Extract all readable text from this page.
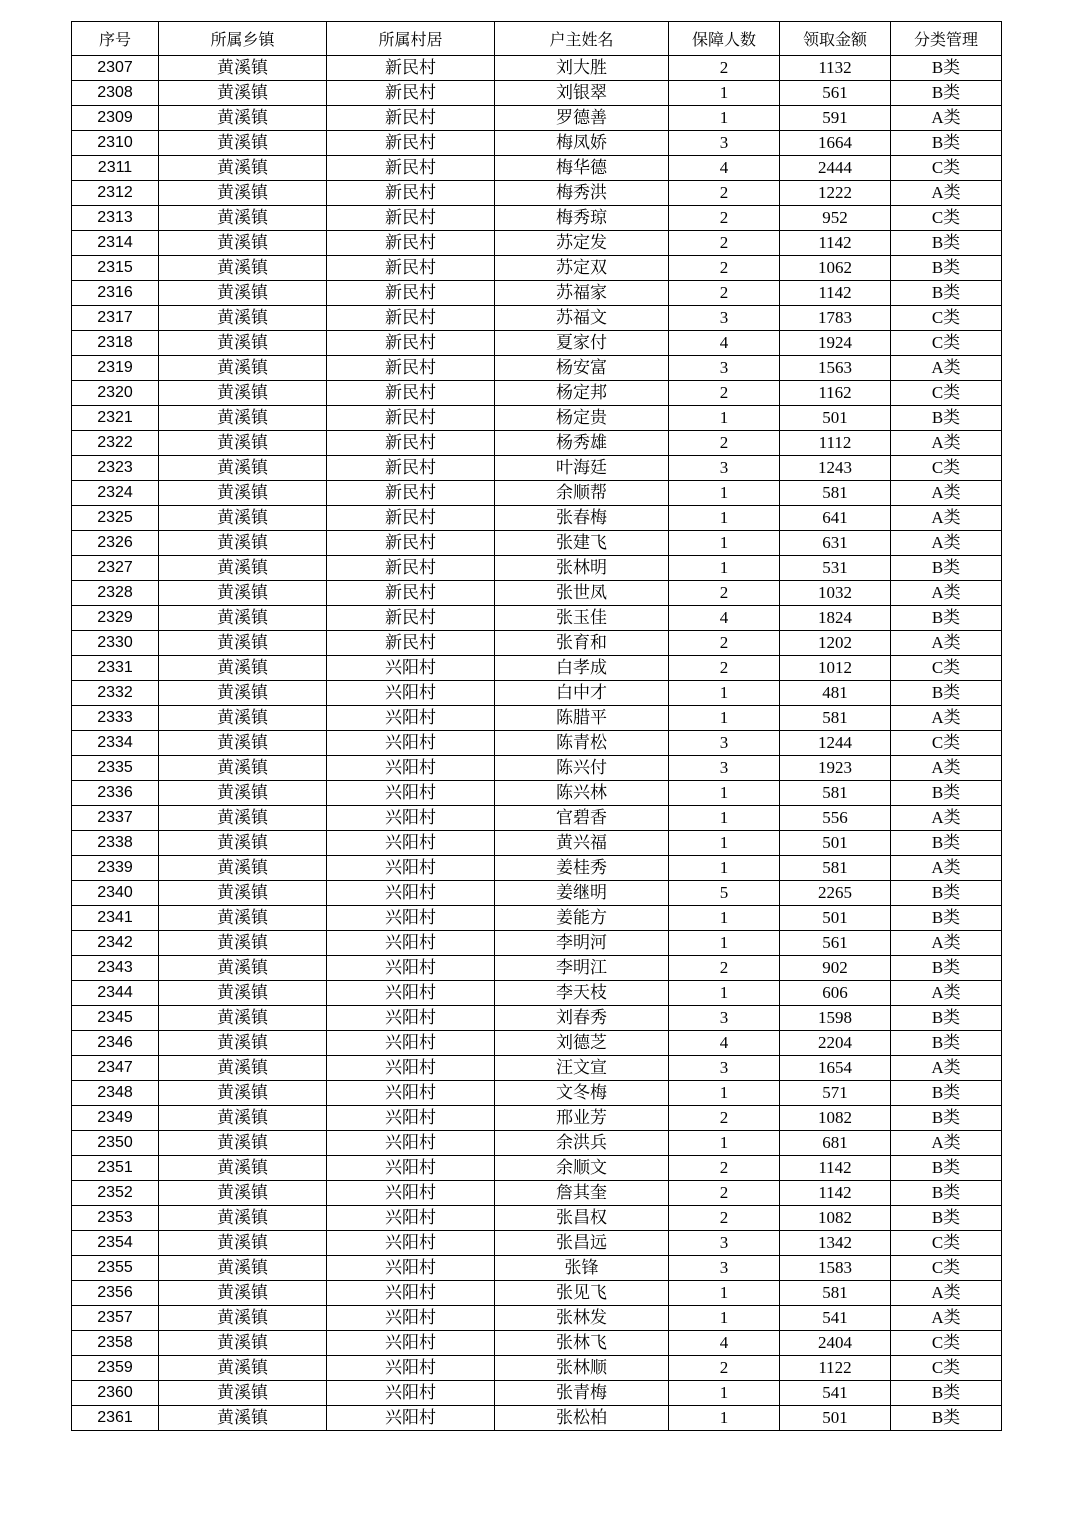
序号	所属乡镇	所属村居	户主姓名	保障人数	领取金额	分类管理
2307	黄溪镇	新民村	刘大胜	2	1132	B类
2308	黄溪镇	新民村	刘银翠	1	561	B类
2309	黄溪镇	新民村	罗德善	1	591	A类
2310	黄溪镇	新民村	梅凤娇	3	1664	B类
2311	黄溪镇	新民村	梅华德	4	2444	C类
2312	黄溪镇	新民村	梅秀洪	2	1222	A类
2313	黄溪镇	新民村	梅秀琼	2	952	C类
2314	黄溪镇	新民村	苏定发	2	1142	B类
2315	黄溪镇	新民村	苏定双	2	1062	B类
2316	黄溪镇	新民村	苏福家	2	1142	B类
2317	黄溪镇	新民村	苏福文	3	1783	C类
2318	黄溪镇	新民村	夏家付	4	1924	C类
2319	黄溪镇	新民村	杨安富	3	1563	A类
2320	黄溪镇	新民村	杨定邦	2	1162	C类
2321	黄溪镇	新民村	杨定贵	1	501	B类
2322	黄溪镇	新民村	杨秀雄	2	1112	A类
2323	黄溪镇	新民村	叶海廷	3	1243	C类
2324	黄溪镇	新民村	余顺帮	1	581	A类
2325	黄溪镇	新民村	张春梅	1	641	A类
2326	黄溪镇	新民村	张建飞	1	631	A类
2327	黄溪镇	新民村	张林明	1	531	B类
2328	黄溪镇	新民村	张世凤	2	1032	A类
2329	黄溪镇	新民村	张玉佳	4	1824	B类
2330	黄溪镇	新民村	张育和	2	1202	A类
2331	黄溪镇	兴阳村	白孝成	2	1012	C类
2332	黄溪镇	兴阳村	白中才	1	481	B类
2333	黄溪镇	兴阳村	陈腊平	1	581	A类
2334	黄溪镇	兴阳村	陈青松	3	1244	C类
2335	黄溪镇	兴阳村	陈兴付	3	1923	A类
2336	黄溪镇	兴阳村	陈兴林	1	581	B类
2337	黄溪镇	兴阳村	官碧香	1	556	A类
2338	黄溪镇	兴阳村	黄兴福	1	501	B类
2339	黄溪镇	兴阳村	姜桂秀	1	581	A类
2340	黄溪镇	兴阳村	姜继明	5	2265	B类
2341	黄溪镇	兴阳村	姜能方	1	501	B类
2342	黄溪镇	兴阳村	李明河	1	561	A类
2343	黄溪镇	兴阳村	李明江	2	902	B类
2344	黄溪镇	兴阳村	李天枝	1	606	A类
2345	黄溪镇	兴阳村	刘春秀	3	1598	B类
2346	黄溪镇	兴阳村	刘德芝	4	2204	B类
2347	黄溪镇	兴阳村	汪文宣	3	1654	A类
2348	黄溪镇	兴阳村	文冬梅	1	571	B类
2349	黄溪镇	兴阳村	邢业芳	2	1082	B类
2350	黄溪镇	兴阳村	余洪兵	1	681	A类
2351	黄溪镇	兴阳村	余顺文	2	1142	B类
2352	黄溪镇	兴阳村	詹其奎	2	1142	B类
2353	黄溪镇	兴阳村	张昌权	2	1082	B类
2354	黄溪镇	兴阳村	张昌远	3	1342	C类
2355	黄溪镇	兴阳村	张锋	3	1583	C类
2356	黄溪镇	兴阳村	张见飞	1	581	A类
2357	黄溪镇	兴阳村	张林发	1	541	A类
2358	黄溪镇	兴阳村	张林飞	4	2404	C类
2359	黄溪镇	兴阳村	张林顺	2	1122	C类
2360	黄溪镇	兴阳村	张青梅	1	541	B类
2361	黄溪镇	兴阳村	张松柏	1	501	B类
